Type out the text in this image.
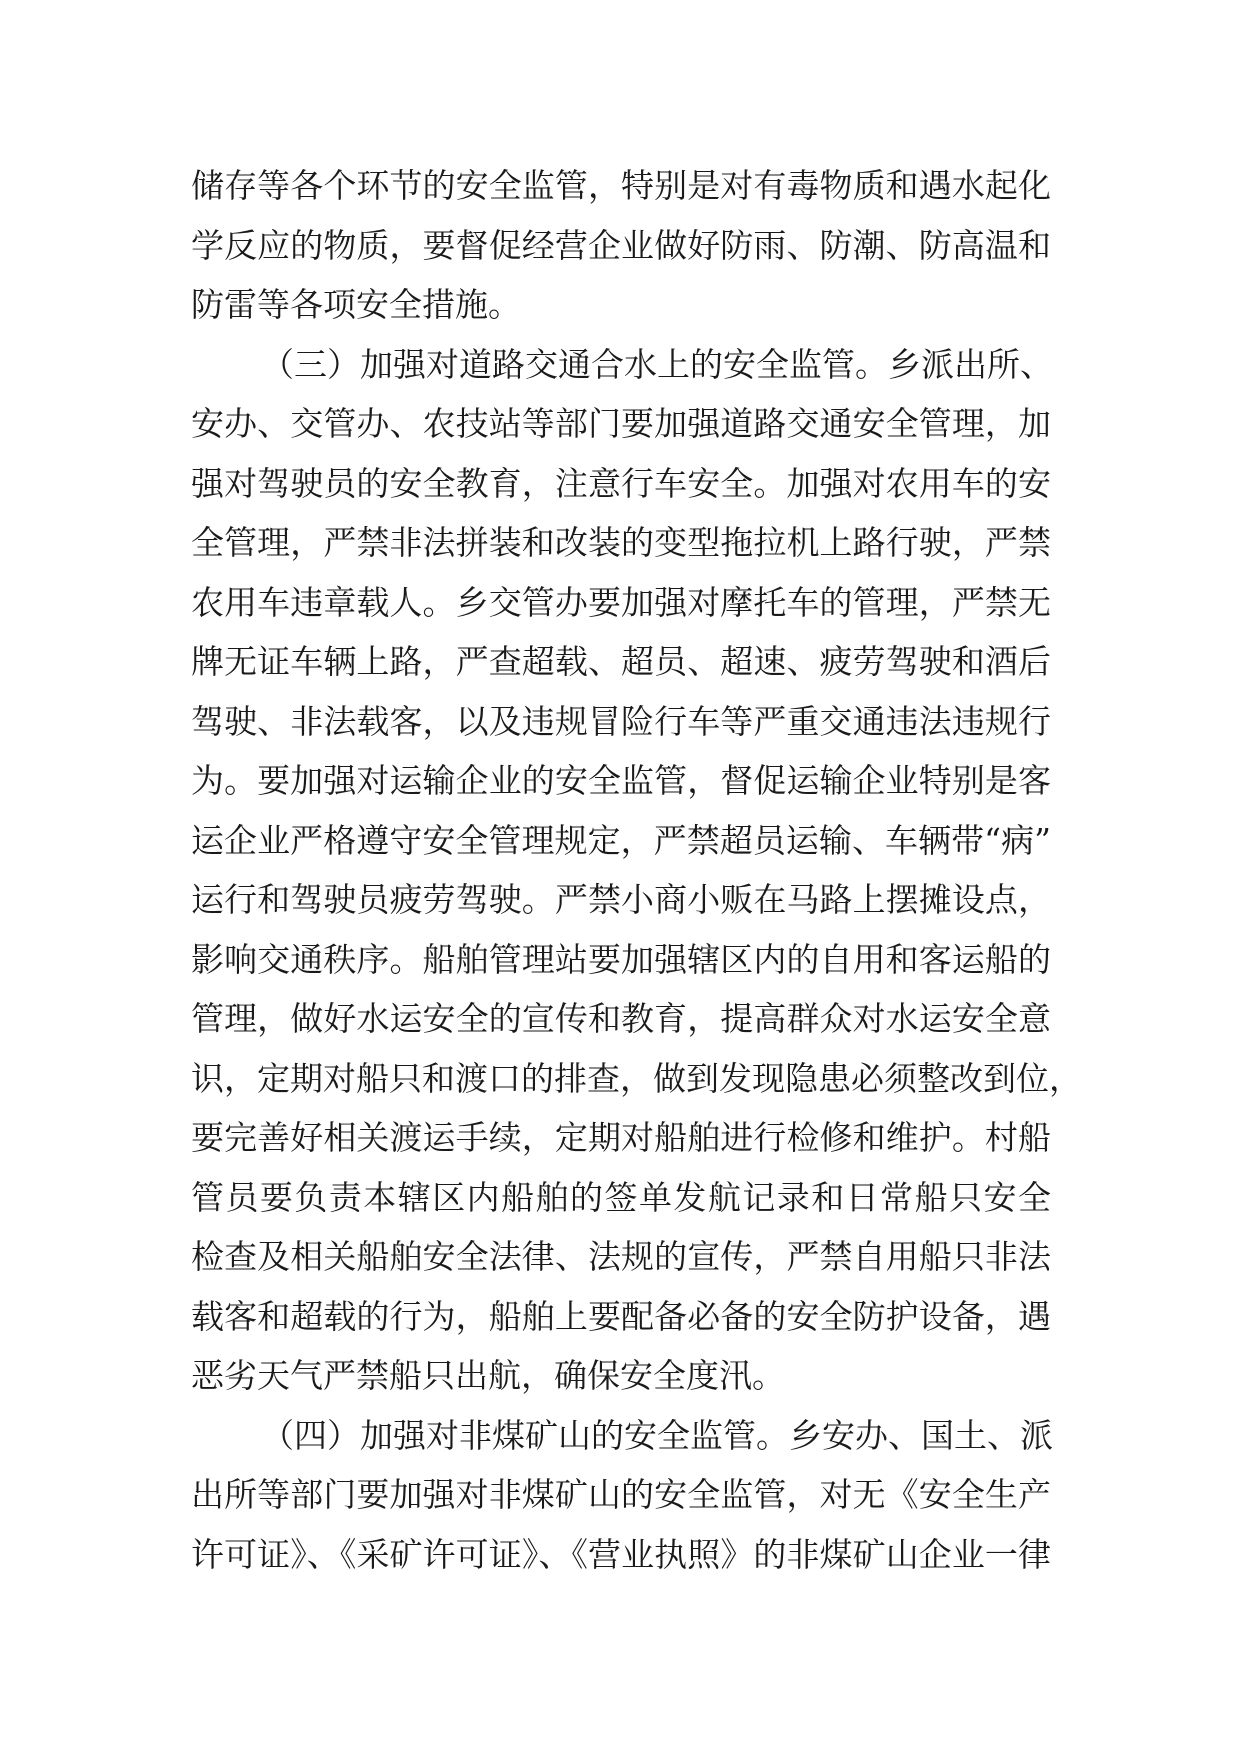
储存等各个环节的安全监管，特别是对有毒物质和遇水起化
学反应的物质，要督促经营企业做好防雨、防潮、防高温和
防雷等各项安全措施。
（三）加强对道路交通合水上的安全监管。乡派出所、
安办、交管办、农技站等部门要加强道路交通安全管理，加
强对驾驶员的安全教育，注意行车安全。加强对农用车的安
全管理，严禁非法拼装和改装的变型拖拉机上路行驶，严禁
农用车违章载人。乡交管办要加强对摩托车的管理，严禁无
牌无证车辆上路，严查超载、超员、超速、疲劳驾驶和酒后
驾驶、非法载客，以及违规冒险行车等严重交通违法违规行
为。要加强对运输企业的安全监管，督促运输企业特别是客
运企业严格遵守安全管理规定，严禁超员运输、车辆带“病”
运行和驾驶员疲劳驾驶。严禁小商小贩在马路上摆摊设点，
影响交通秩序。船舶管理站要加强辖区内的自用和客运船的
管理，做好水运安全的宣传和教育，提高群众对水运安全意
识，定期对船只和渡口的排查，做到发现隐患必须整改到位，
要完善好相关渡运手续，定期对船舶进行检修和维护。村船
管员要负责本辖区内船舶的签单发航记录和日常船只安全
检查及相关船舶安全法律、法规的宣传，严禁自用船只非法
载客和超载的行为，船舶上要配备必备的安全防护设备，遇
恶劣天气严禁船只出航，确保安全度汛。
（四）加强对非煤矿山的安全监管。乡安办、国土、派
出所等部门要加强对非煤矿山的安全监管，对无《安全生产
许可证》、《采矿许可证》、《营业执照》的非煤矿山企业一律
